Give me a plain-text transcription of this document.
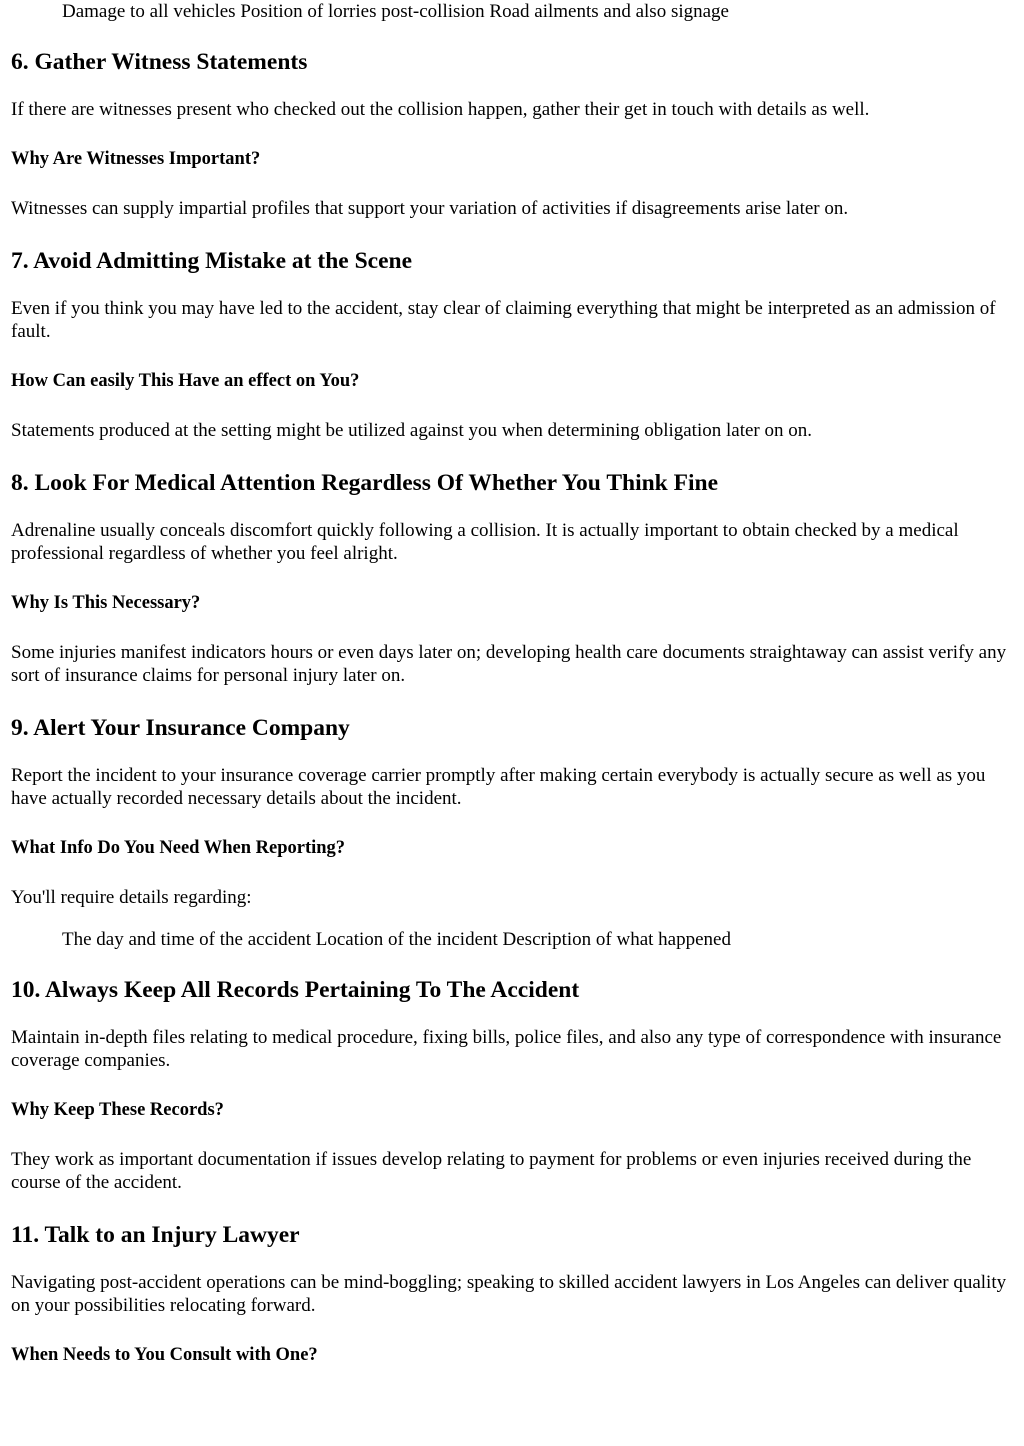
Damage to all vehicles Position of lorries post-collision Road ailments and also signage
6. Gather Witness Statements

If there are witnesses present who checked out the collision happen, gather their get in touch with details as well.

Why Are Witnesses Important?

Witnesses can supply impartial profiles that support your variation of activities if disagreements arise later on.

7. Avoid Admitting Mistake at the Scene

Even if you think you may have led to the accident, stay clear of claiming everything that might be interpreted as an admission of fault.

How Can easily This Have an effect on You?

Statements produced at the setting might be utilized against you when determining obligation later on on.

8. Look For Medical Attention Regardless Of Whether You Think Fine

Adrenaline usually conceals discomfort quickly following a collision. It is actually important to obtain checked by a medical professional regardless of whether you feel alright.

Why Is This Necessary?

Some injuries manifest indicators hours or even days later on; developing health care documents straightaway can assist verify any sort of insurance claims for personal injury later on.

9. Alert Your Insurance Company

Report the incident to your insurance coverage carrier promptly after making certain everybody is actually secure as well as you have actually recorded necessary details about the incident.

What Info Do You Need When Reporting?

You'll require details regarding:

The day and time of the accident Location of the incident Description of what happened
10. Always Keep All Records Pertaining To The Accident

Maintain in-depth files relating to medical procedure, fixing bills, police files, and also any type of correspondence with insurance coverage companies.

Why Keep These Records?

They work as important documentation if issues develop relating to payment for problems or even injuries received during the course of the accident.

11. Talk to an Injury Lawyer

Navigating post-accident operations can be mind-boggling; speaking to skilled accident lawyers in Los Angeles can deliver quality on your possibilities relocating forward.

When Needs to You Consult with One?
